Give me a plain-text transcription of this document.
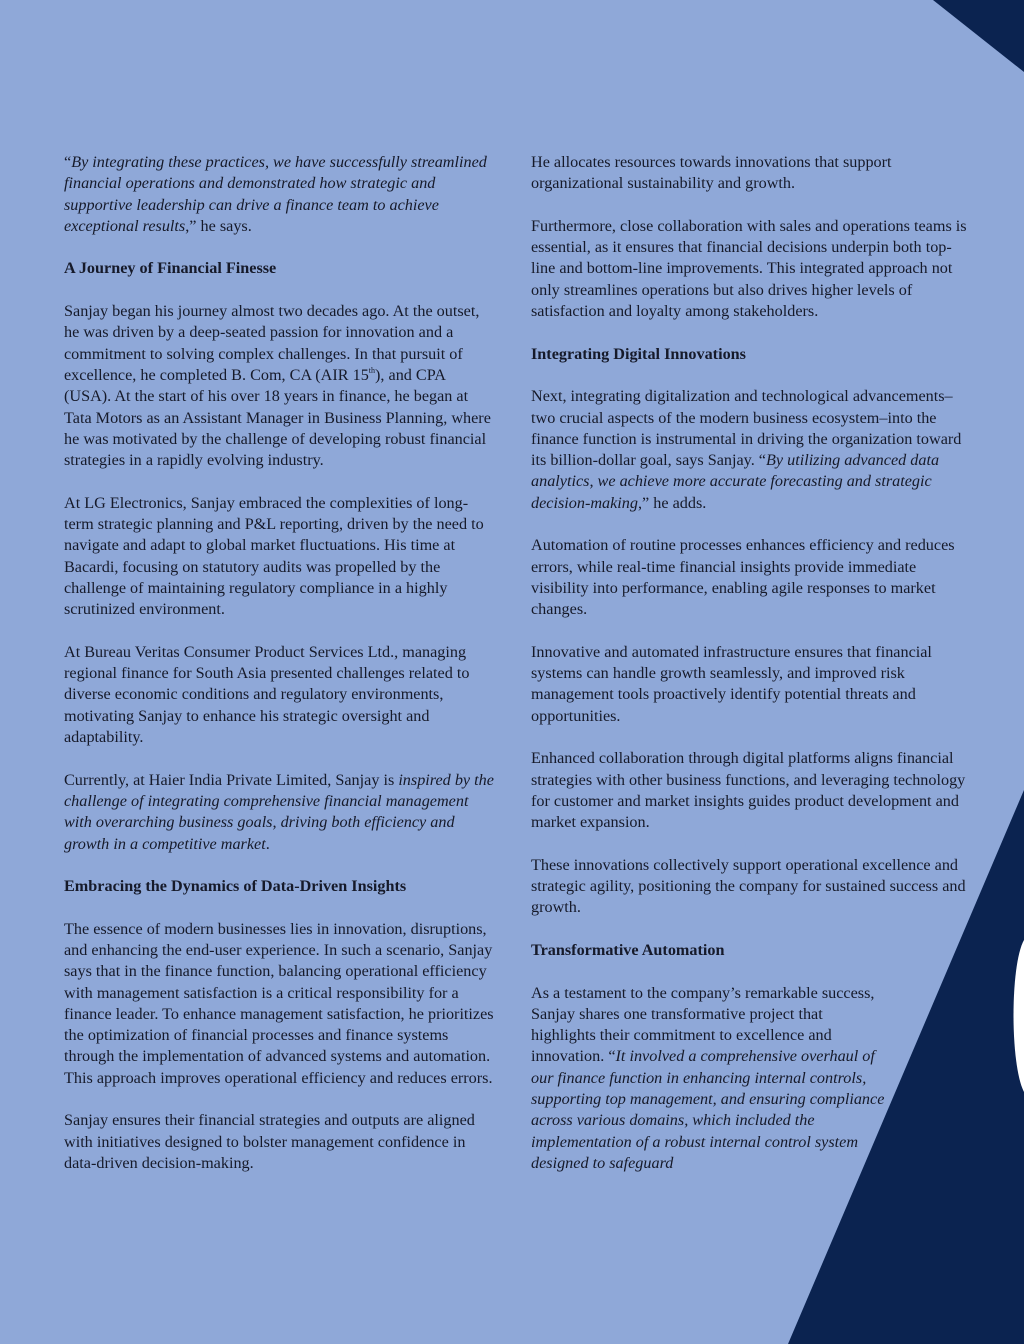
“By integrating these practices, we have successfully streamlined financial operations and demonstrated how strategic and supportive leadership can drive a finance team to achieve exceptional results,” he says.

A Journey of Financial Finesse

Sanjay began his journey almost two decades ago. At the outset, he was driven by a deep-seated passion for innovation and a commitment to solving complex challenges. In that pursuit of excellence, he completed B. Com, CA (AIR 15th), and CPA (USA). At the start of his over 18 years in finance, he began at Tata Motors as an Assistant Manager in Business Planning, where he was motivated by the challenge of developing robust financial strategies in a rapidly evolving industry.

At LG Electronics, Sanjay embraced the complexities of long-term strategic planning and P&L reporting, driven by the need to navigate and adapt to global market fluctuations. His time at Bacardi, focusing on statutory audits was propelled by the challenge of maintaining regulatory compliance in a highly scrutinized environment.

At Bureau Veritas Consumer Product Services Ltd., managing regional finance for South Asia presented challenges related to diverse economic conditions and regulatory environments, motivating Sanjay to enhance his strategic oversight and adaptability.

Currently, at Haier India Private Limited, Sanjay is inspired by the challenge of integrating comprehensive financial management with overarching business goals, driving both efficiency and growth in a competitive market.

Embracing the Dynamics of Data-Driven Insights

The essence of modern businesses lies in innovation, disruptions, and enhancing the end-user experience. In such a scenario, Sanjay says that in the finance function, balancing operational efficiency with management satisfaction is a critical responsibility for a finance leader. To enhance management satisfaction, he prioritizes the optimization of financial processes and finance systems through the implementation of advanced systems and automation. This approach improves operational efficiency and reduces errors.

Sanjay ensures their financial strategies and outputs are aligned with initiatives designed to bolster management confidence in data-driven decision-making.

He allocates resources towards innovations that support organizational sustainability and growth.

Furthermore, close collaboration with sales and operations teams is essential, as it ensures that financial decisions underpin both top-line and bottom-line improvements. This integrated approach not only streamlines operations but also drives higher levels of satisfaction and loyalty among stakeholders.

Integrating Digital Innovations

Next, integrating digitalization and technological advancements–two crucial aspects of the modern business ecosystem–into the finance function is instrumental in driving the organization toward its billion-dollar goal, says Sanjay. “By utilizing advanced data analytics, we achieve more accurate forecasting and strategic decision-making,” he adds.

Automation of routine processes enhances efficiency and reduces errors, while real-time financial insights provide immediate visibility into performance, enabling agile responses to market changes.

Innovative and automated infrastructure ensures that financial systems can handle growth seamlessly, and improved risk management tools proactively identify potential threats and opportunities.

Enhanced collaboration through digital platforms aligns financial strategies with other business functions, and leveraging technology for customer and market insights guides product development and market expansion.

These innovations collectively support operational excellence and strategic agility, positioning the company for sustained success and growth.

Transformative Automation

As a testament to the company’s remarkable success, Sanjay shares one transformative project that highlights their commitment to excellence and innovation. “It involved a comprehensive overhaul of our finance function in enhancing internal controls, supporting top management, and ensuring compliance across various domains, which included the implementation of a robust internal control system designed to safeguard
